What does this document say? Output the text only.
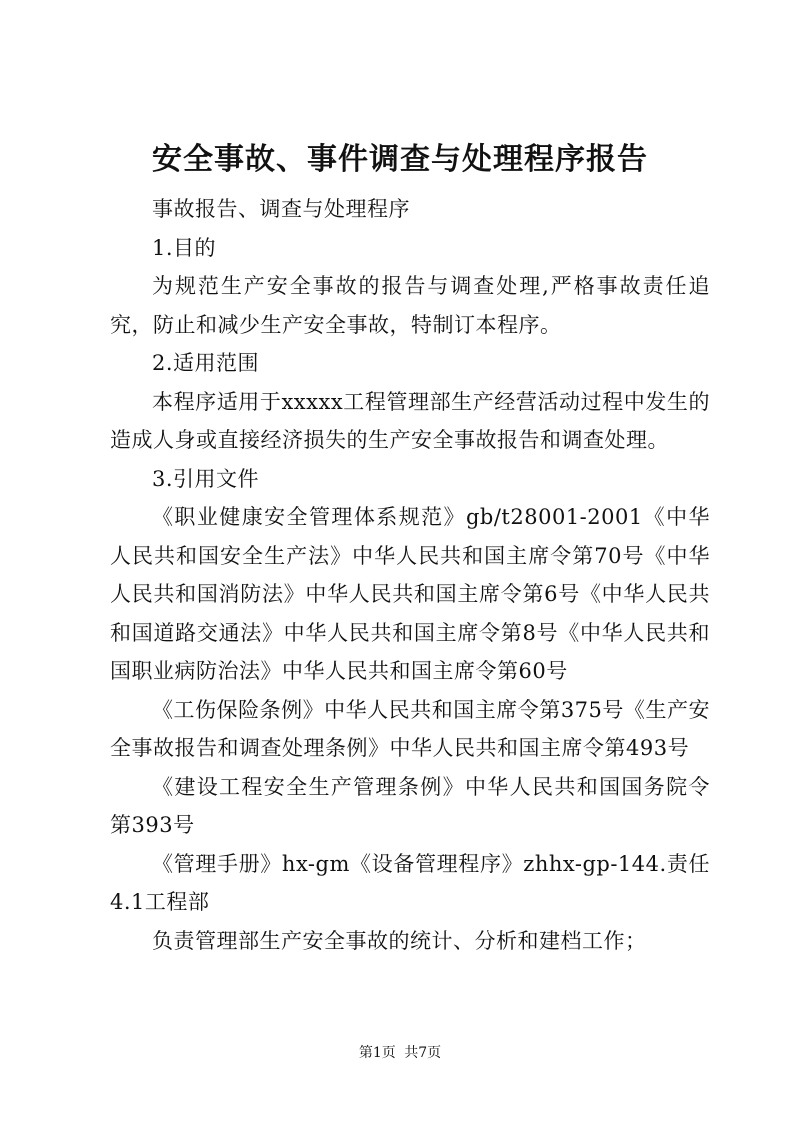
安全事故、事件调查与处理程序报告

事故报告、调查与处理程序

1.目的

为规范生产安全事故的报告与调查处理,严格事故责任追究，防止和减少生产安全事故，特制订本程序。

2.适用范围

本程序适用于xxxxx工程管理部生产经营活动过程中发生的造成人身或直接经济损失的生产安全事故报告和调查处理。

3.引用文件

《职业健康安全管理体系规范》gb/t28001-2001《中华人民共和国安全生产法》中华人民共和国主席令第70号《中华人民共和国消防法》中华人民共和国主席令第6号《中华人民共和国道路交通法》中华人民共和国主席令第8号《中华人民共和国职业病防治法》中华人民共和国主席令第60号

《工伤保险条例》中华人民共和国主席令第375号《生产安全事故报告和调查处理条例》中华人民共和国主席令第493号

《建设工程安全生产管理条例》中华人民共和国国务院令第393号

《管理手册》hx-gm《设备管理程序》zhhx-gp-144.责任4.1工程部

负责管理部生产安全事故的统计、分析和建档工作；

第1页 共7页
